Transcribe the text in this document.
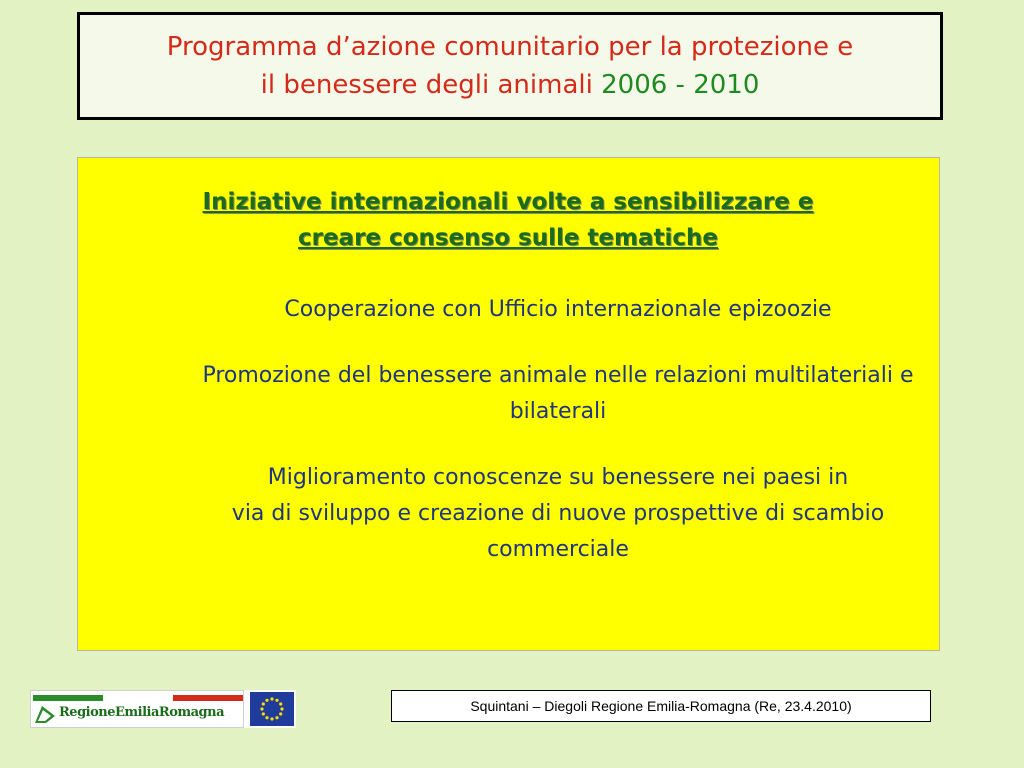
Programma d’azione comunitario per la protezione e
il benessere degli animali 2006 - 2010
Iniziative internazionali volte a sensibilizzare e
creare consenso sulle tematiche
Cooperazione con Ufficio internazionale epizoozie
Promozione del benessere animale nelle relazioni multilateriali e bilaterali
Miglioramento conoscenze su benessere nei paesi in
via di sviluppo e creazione di nuove prospettive di scambio commerciale
RegioneEmiliaRomagna	Squintani – Diegoli Regione Emilia-Romagna (Re, 23.4.2010)
